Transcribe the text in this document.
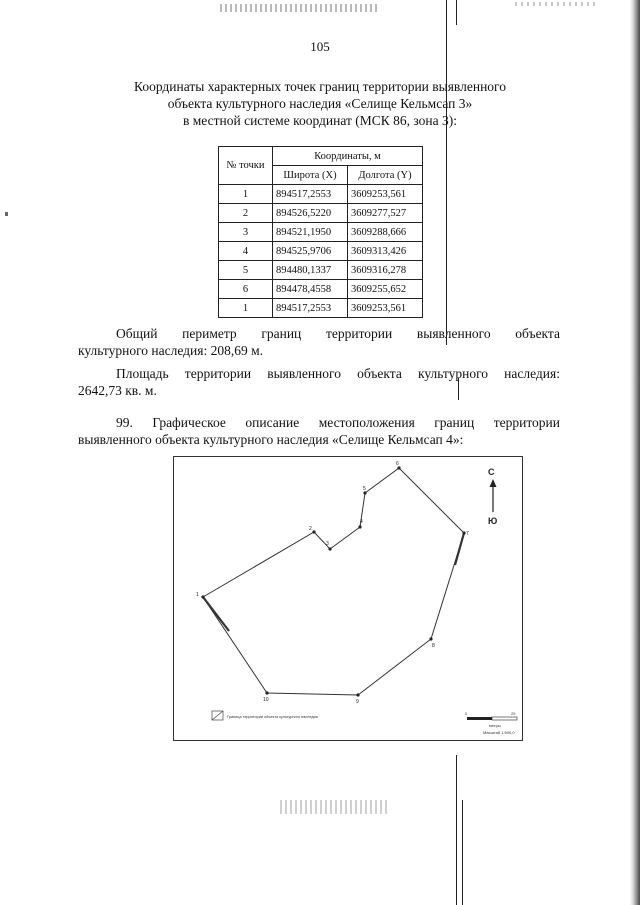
105
Координаты характерных точек границ территории выявленного
объекта культурного наследия «Селище Кельмсап 3»
в местной системе координат (МСК 86, зона 3):
№ точки	Координаты, м	
	Широта (X)	Долгота (Y)
1	894517,2553	3609253,561
2	894526,5220	3609277,527
3	894521,1950	3609288,666
4	894525,9706	3609313,426
5	894480,1337	3609316,278
6	894478,4558	3609255,652
1	894517,2553	3609253,561
Общий периметр границ территории выявленного объекта
культурного наследия: 208,69 м.
Площадь территории выявленного объекта культурного наследия:
2642,73 кв. м.
99. Графическое описание местоположения границ территории
выявленного объекта культурного наследия «Селище Кельмсап 4»:
1
2
3
4
5
6
7
8
9
10
С
Ю
Граница территории объекта культурного наследия
0	25
метры
Масштаб 1:500,0
